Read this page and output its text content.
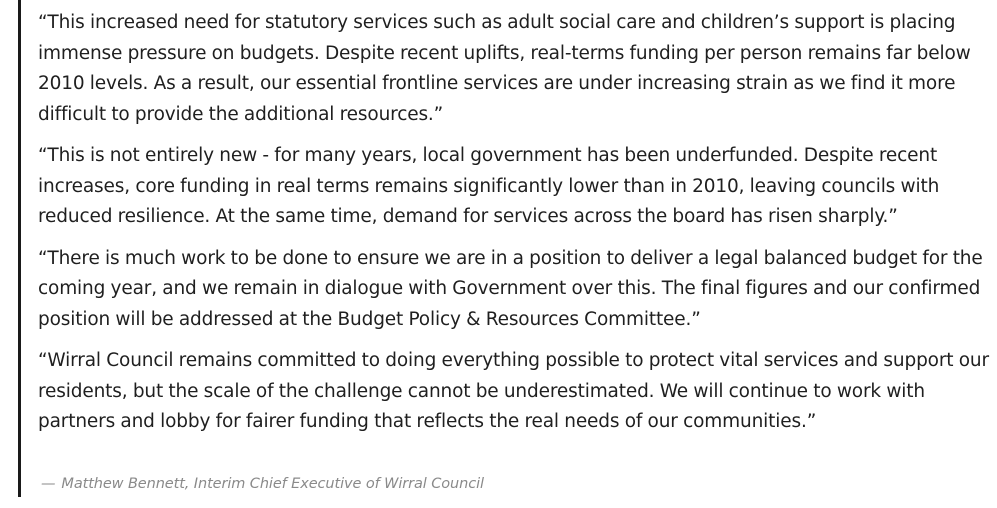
“This increased need for statutory services such as adult social care and children’s support is placing immense pressure on budgets. Despite recent uplifts, real-terms funding per person remains far below 2010 levels. As a result, our essential frontline services are under increasing strain as we find it more difficult to provide the additional resources.”

“This is not entirely new - for many years, local government has been underfunded. Despite recent increases, core funding in real terms remains significantly lower than in 2010, leaving councils with reduced resilience. At the same time, demand for services across the board has risen sharply.”

“There is much work to be done to ensure we are in a position to deliver a legal balanced budget for the coming year, and we remain in dialogue with Government over this. The final figures and our confirmed position will be addressed at the Budget Policy & Resources Committee.”

“Wirral Council remains committed to doing everything possible to protect vital services and support our residents, but the scale of the challenge cannot be underestimated. We will continue to work with partners and lobby for fairer funding that reflects the real needs of our communities.”

— Matthew Bennett, Interim Chief Executive of Wirral Council
